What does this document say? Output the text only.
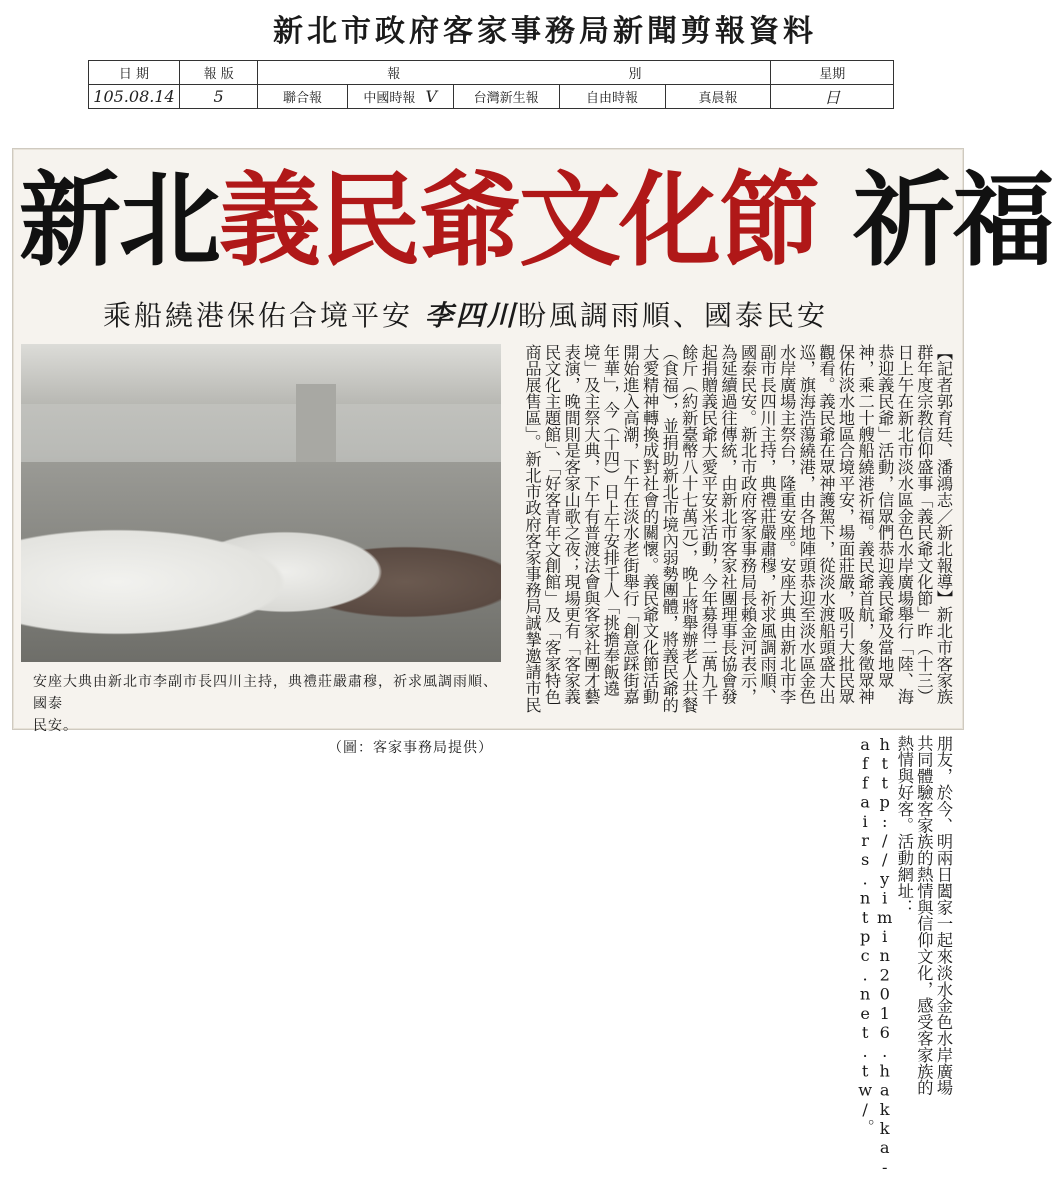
新北市政府客家事務局新聞剪報資料
日 期	報 版	報 別					星期
105.08.14	5	聯合報	中國時報 V	台灣新生報	自由時報	真晨報	日
新北義民爺文化節 祈福
乘船繞港保佑合境平安 李四川盼風調雨順、國泰民安
安座大典由新北市李副市長四川主持，典禮莊嚴肅穆，祈求風調雨順、國泰
民安。
（圖：客家事務局提供）

【記者郭育廷、潘鴻志／新北報導】新北市客家族群年度宗教信仰盛事「義民爺文化節」昨（十三）日上午在新北市淡水區金色水岸廣場舉行「陸、海恭迎義民爺」活動，信眾們恭迎義民爺及當地眾神，乘二十艘船繞港祈福。義民爺首航，象徵眾神保佑淡水地區合境平安，場面莊嚴，吸引大批民眾觀看。義民爺在眾神護駕下，從淡水渡船頭盛大出巡，旗海浩蕩繞港，由各地陣頭恭迎至淡水區金色水岸廣場主祭台，隆重安座。安座大典由新北市李副市長四川主持，典禮莊嚴肅穆，祈求風調雨順、國泰民安。新北市政府客家事務局長賴金河表示，為延續過往傳統，由新北市客家社團理事長協會發起捐贈義民爺大愛平安米活動，今年募得二萬九千餘斤（約新臺幣八十七萬元），晚上將舉辦老人共餐（食福），並捐助新北市境內弱勢團體，將義民爺的大愛精神轉換成對社會的關懷。義民爺文化節活動開始進入高潮，下午在淡水老街舉行「創意踩街嘉年華」，今（十四）日上午安排千人「挑擔奉飯遶境」及主祭大典，下午有普渡法會與客家社團才藝表演，晚間則是客家山歌之夜；現場更有「客家義民文化主題館」、「好客青年文創館」及「客家特色商品展售區」。新北市政府客家事務局誠摯邀請市民朋友，於今、明兩日闔家一起來淡水金色水岸廣場共同體驗客家族的熱情與信仰文化，感受客家族的熱情與好客。活動網址：http://yimin2016.hakka-affairs.ntpc.net.tw/。
